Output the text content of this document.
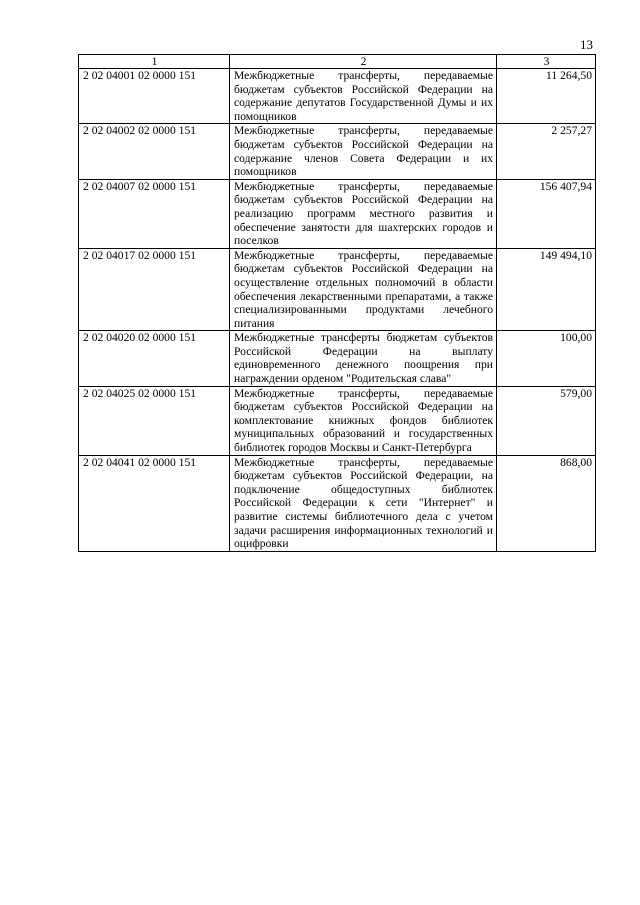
13
1	2	3
2 02 04001 02 0000 151	Межбюджетные трансферты, передаваемые бюджетам субъектов Российской Федерации на содержание депутатов Государственной Думы и их помощников	11 264,50
2 02 04002 02 0000 151	Межбюджетные трансферты, передаваемые бюджетам субъектов Российской Федерации на содержание членов Совета Федерации и их помощников	2 257,27
2 02 04007 02 0000 151	Межбюджетные трансферты, передаваемые бюджетам субъектов Российской Федерации на реализацию программ местного развития и обеспечение занятости для шахтерских городов и поселков	156 407,94
2 02 04017 02 0000 151	Межбюджетные трансферты, передаваемые бюджетам субъектов Российской Федерации на осуществление отдельных полномочий в области обеспечения лекарственными препаратами, а также специализированными продуктами лечебного питания	149 494,10
2 02 04020 02 0000 151	Межбюджетные трансферты бюджетам субъектов Российской Федерации на выплату единовременного денежного поощрения при награждении орденом "Родительская слава"	100,00
2 02 04025 02 0000 151	Межбюджетные трансферты, передаваемые бюджетам субъектов Российской Федерации на комплектование книжных фондов библиотек муниципальных образований и государственных библиотек городов Москвы и Санкт-Петербурга	579,00
2 02 04041 02 0000 151	Межбюджетные трансферты, передаваемые бюджетам субъектов Российской Федерации, на подключение общедоступных библиотек Российской Федерации к сети "Интернет" и развитие системы библиотечного дела с учетом задачи расширения информационных технологий и оцифровки	868,00
